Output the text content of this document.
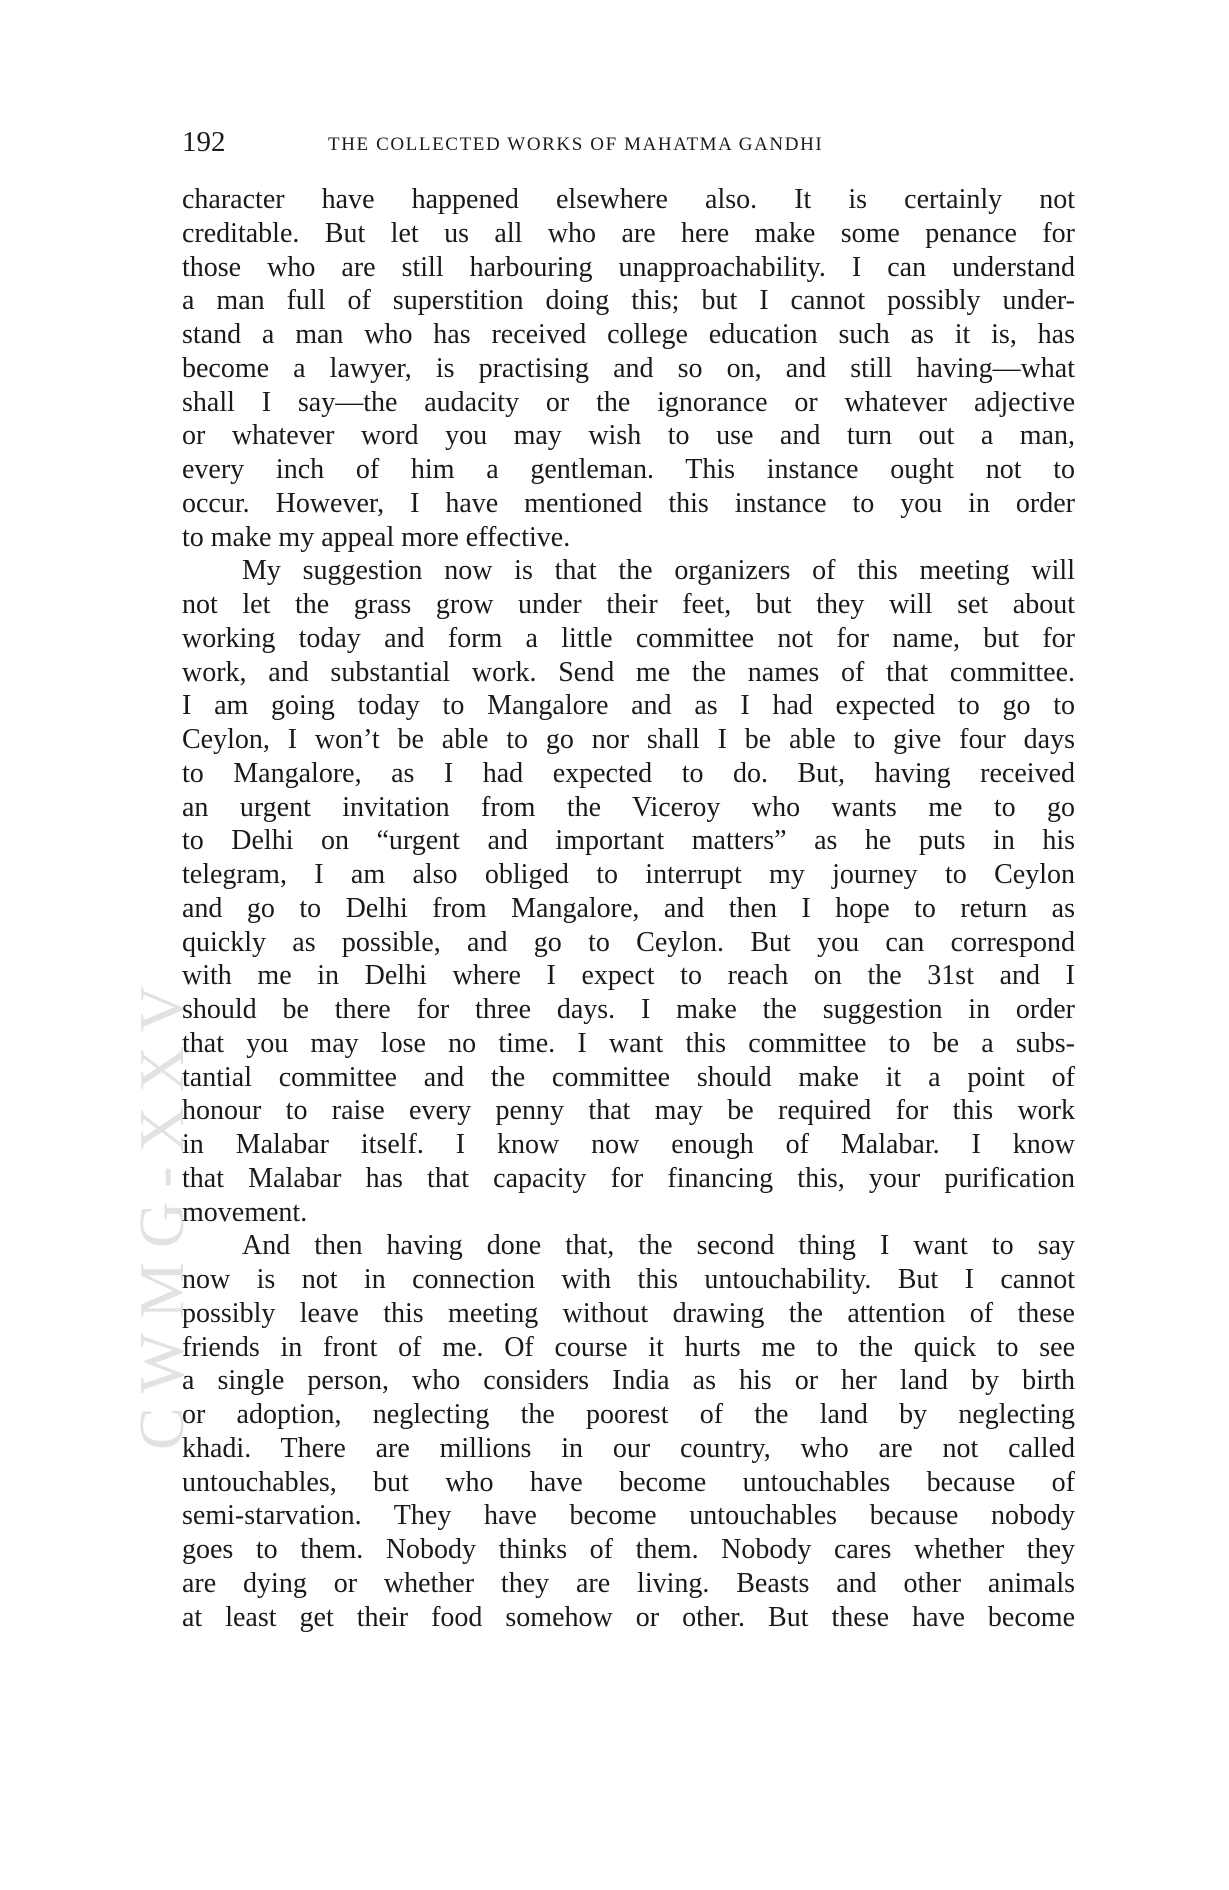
CWMG-XXV
192	THE COLLECTED WORKS OF MAHATMA GANDHI
character have happened elsewhere also. It is certainly not
creditable. But let us all who are here make some penance for
those who are still harbouring unapproachability. I can understand
a man full of superstition doing this; but I cannot possibly under-
stand a man who has received college education such as it is, has
become a lawyer, is practising and so on, and still having—what
shall I say—the audacity or the ignorance or whatever adjective
or whatever word you may wish to use and turn out a man,
every inch of him a gentleman. This instance ought not to
occur. However, I have mentioned this instance to you in order
to make my appeal more effective.
My suggestion now is that the organizers of this meeting will
not let the grass grow under their feet, but they will set about
working today and form a little committee not for name, but for
work, and substantial work. Send me the names of that committee.
I am going today to Mangalore and as I had expected to go to
Ceylon, I won’t be able to go nor shall I be able to give four days
to Mangalore, as I had expected to do. But, having received
an urgent invitation from the Viceroy who wants me to go
to Delhi on “urgent and important matters” as he puts in his
telegram, I am also obliged to interrupt my journey to Ceylon
and go to Delhi from Mangalore, and then I hope to return as
quickly as possible, and go to Ceylon. But you can correspond
with me in Delhi where I expect to reach on the 31st and I
should be there for three days. I make the suggestion in order
that you may lose no time. I want this committee to be a subs-
tantial committee and the committee should make it a point of
honour to raise every penny that may be required for this work
in Malabar itself. I know now enough of Malabar. I know
that Malabar has that capacity for financing this, your purification
movement.
And then having done that, the second thing I want to say
now is not in connection with this untouchability. But I cannot
possibly leave this meeting without drawing the attention of these
friends in front of me. Of course it hurts me to the quick to see
a single person, who considers India as his or her land by birth
or adoption, neglecting the poorest of the land by neglecting
khadi. There are millions in our country, who are not called
untouchables, but who have become untouchables because of
semi-starvation. They have become untouchables because nobody
goes to them. Nobody thinks of them. Nobody cares whether they
are dying or whether they are living. Beasts and other animals
at least get their food somehow or other. But these have become
